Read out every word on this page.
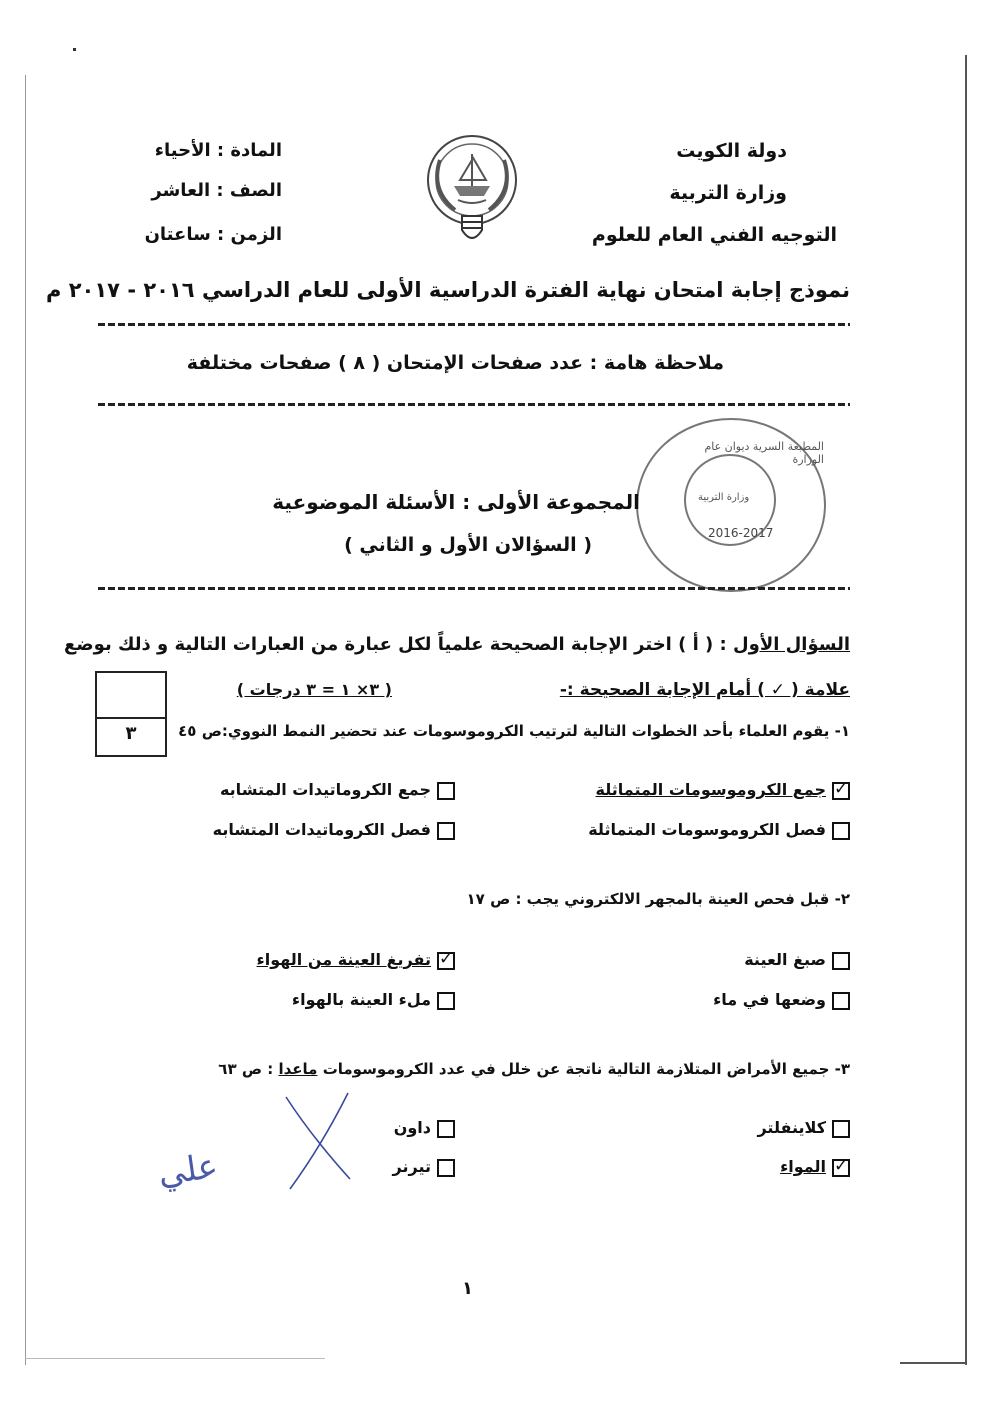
دولة الكويت
وزارة التربية
التوجيه الفني العام للعلوم
المادة : الأحياء
الصف : العاشر
الزمن : ساعتان
نموذج إجابة امتحان نهاية الفترة الدراسية الأولى للعام الدراسي ٢٠١٦ - ٢٠١٧ م
ملاحظة هامة : عدد صفحات الإمتحان ( ٨ ) صفحات مختلفة
المطبعة السرية ديوان عام الوزارة
وزارة التربية
2016-2017
المجموعة الأولى : الأسئلة الموضوعية
( السؤالان الأول و الثاني )
السؤال الأول : ( أ ) اختر الإجابة الصحيحة علمياً لكل عبارة من العبارات التالية و ذلك بوضع
علامة ( ✓ ) أمام الإجابة الصحيحة :-
( ٣× ١ = ٣ درجات )
٣	١- يقوم العلماء بأحد الخطوات التالية لترتيب الكروموسومات عند تحضير النمط النووي:ص ٤٥
✓جمع الكروموسومات المتماثلة
جمع الكروماتيدات المتشابه
فصل الكروموسومات المتماثلة
فصل الكروماتيدات المتشابه
٢- قبل فحص العينة بالمجهر الالكتروني يجب : ص ١٧
صبغ العينة
✓تفريغ العينة من الهواء
وضعها في ماء
ملء العينة بالهواء
٣- جميع الأمراض المتلازمة التالية ناتجة عن خلل في عدد الكروموسومات ماعدا : ص ٦٣
كلاينفلتر
داون
✓المواء
تيرنر
علي
١
